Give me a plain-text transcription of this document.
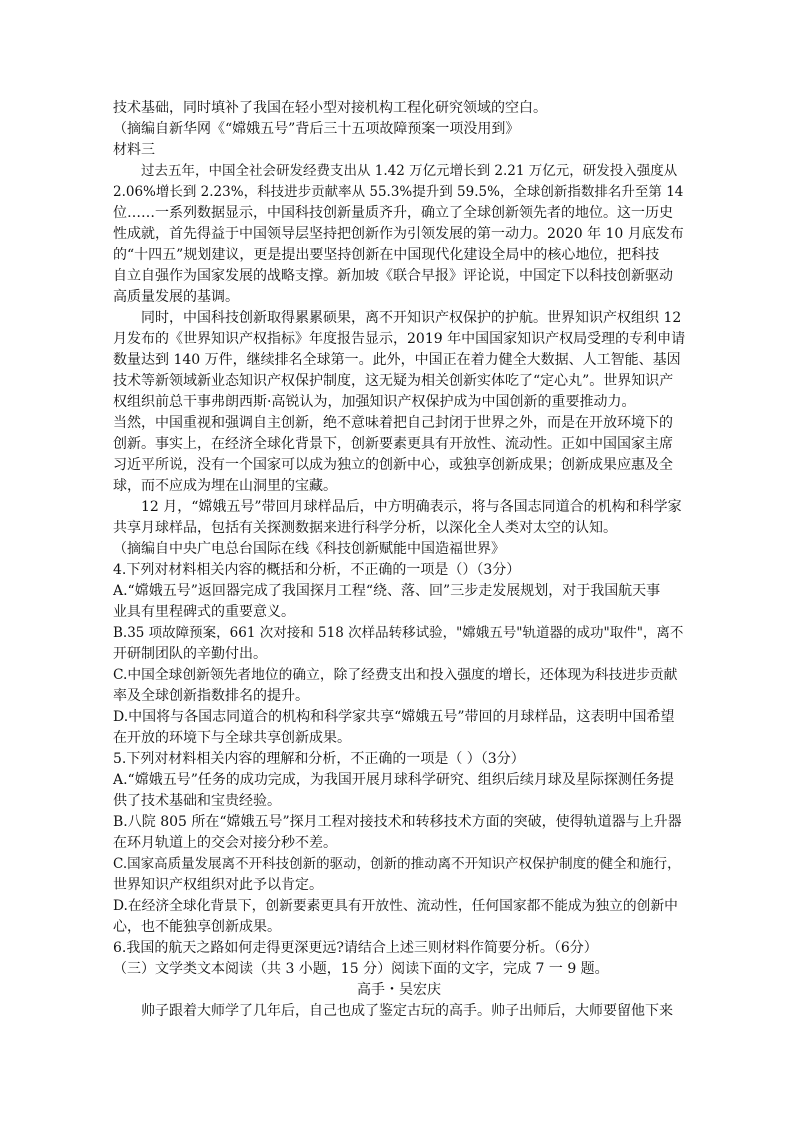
技术基础，同时填补了我国在轻小型对接机构工程化研究领域的空白。
（摘编自新华网《“嫦娥五号”背后三十五项故障预案一项没用到》
材料三
过去五年，中国全社会研发经费支出从 1.42 万亿元增长到 2.21 万亿元，研发投入强度从
2.06%增长到 2.23%，科技进步贡献率从 55.3%提升到 59.5%，全球创新指数排名升至第 14
位……一系列数据显示，中国科技创新量质齐升，确立了全球创新领先者的地位。这一历史
性成就，首先得益于中国领导层坚持把创新作为引领发展的第一动力。2020 年 10 月底发布
的“十四五”规划建议，更是提出要坚持创新在中国现代化建设全局中的核心地位，把科技
自立自强作为国家发展的战略支撑。新加坡《联合早报》评论说，中国定下以科技创新驱动
高质量发展的基调。
同时，中国科技创新取得累累硕果，离不开知识产权保护的护航。世界知识产权组织 12
月发布的《世界知识产权指标》年度报告显示，2019 年中国国家知识产权局受理的专利申请
数量达到 140 万件，继续排名全球第一。此外，中国正在着力健全大数据、人工智能、基因
技术等新领域新业态知识产权保护制度，这无疑为相关创新实体吃了“定心丸”。世界知识产
权组织前总干事弗朗西斯·高锐认为，加强知识产权保护成为中国创新的重要推动力。
当然，中国重视和强调自主创新，绝不意味着把自己封闭于世界之外，而是在开放环境下的
创新。事实上，在经济全球化背景下，创新要素更具有开放性、流动性。正如中国国家主席
习近平所说，没有一个国家可以成为独立的创新中心，或独享创新成果；创新成果应惠及全
球，而不应成为埋在山洞里的宝藏。
12 月，“嫦娥五号”带回月球样品后，中方明确表示，将与各国志同道合的机构和科学家
共享月球样品，包括有关探测数据来进行科学分析，以深化全人类对太空的认知。
（摘编自中央广电总台国际在线《科技创新赋能中国造福世界》
4.下列对材料相关内容的概括和分析，不正确的一项是（）（3分）
A.“嫦娥五号”返回器完成了我国探月工程“绕、落、回”三步走发展规划，对于我国航天事
业具有里程碑式的重要意义。
B.35 项故障预案，661 次对接和 518 次样品转移试验，"嫦娥五号"轨道器的成功"取件"，离不
开研制团队的辛勤付出。
C.中国全球创新领先者地位的确立，除了经费支出和投入强度的增长，还体现为科技进步贡献
率及全球创新指数排名的提升。
D.中国将与各国志同道合的机构和科学家共享“嫦娥五号”带回的月球样品，这表明中国希望
在开放的环境下与全球共享创新成果。
5.下列对材料相关内容的理解和分析，不正确的一项是（ ）（3分）
A.“嫦娥五号”任务的成功完成，为我国开展月球科学研究、组织后续月球及星际探测任务提
供了技术基础和宝贵经验。
B.八院 805 所在“嫦娥五号”探月工程对接技术和转移技术方面的突破，使得轨道器与上升器
在环月轨道上的交会对接分秒不差。
C.国家高质量发展离不开科技创新的驱动，创新的推动离不开知识产权保护制度的健全和施行，
世界知识产权组织对此予以肯定。
D.在经济全球化背景下，创新要素更具有开放性、流动性，任何国家都不能成为独立的创新中
心，也不能独享创新成果。
6.我国的航天之路如何走得更深更远?请结合上述三则材料作简要分析。（6分）
（三）文学类文本阅读（共 3 小题，15 分）阅读下面的文字，完成 7 一 9 题。
高手・吴宏庆
帅子跟着大师学了几年后，自己也成了鉴定古玩的高手。帅子出师后，大师要留他下来
